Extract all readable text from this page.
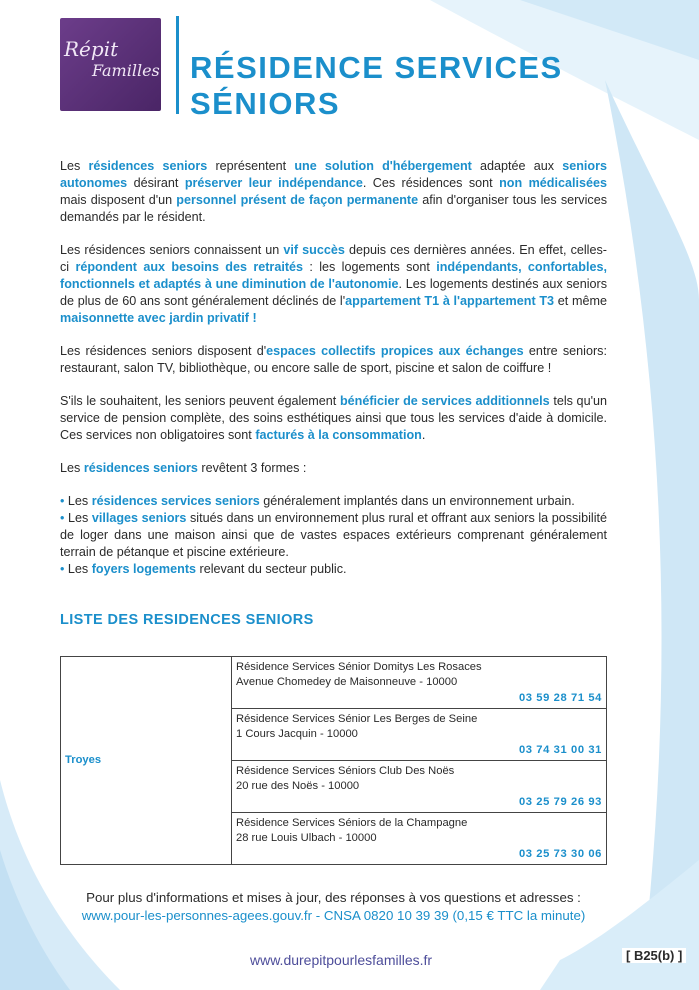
Répit
Familles RÉSIDENCE SERVICES SÉNIORS

Les résidences seniors représentent une solution d'hébergement adaptée aux seniors autonomes désirant préserver leur indépendance. Ces résidences sont non médicalisées mais disposent d'un personnel présent de façon permanente afin d'organiser tous les services demandés par le résident.

Les résidences seniors connaissent un vif succès depuis ces dernières années. En effet, celles-ci répondent aux besoins des retraités : les logements sont indépendants, confortables, fonctionnels et adaptés à une diminution de l'autonomie. Les logements destinés aux seniors de plus de 60 ans sont généralement déclinés de l'appartement T1 à l'appartement T3 et même maisonnette avec jardin privatif !

Les résidences seniors disposent d'espaces collectifs propices aux échanges entre seniors: restaurant, salon TV, bibliothèque, ou encore salle de sport, piscine et salon de coiffure !

S'ils le souhaitent, les seniors peuvent également bénéficier de services additionnels tels qu'un service de pension complète, des soins esthétiques ainsi que tous les services d'aide à domicile. Ces services non obligatoires sont facturés à la consommation.

Les résidences seniors revêtent 3 formes :

• Les résidences services seniors généralement implantés dans un environnement urbain.

• Les villages seniors situés dans un environnement plus rural et offrant aux seniors la possibilité de loger dans une maison ainsi que de vastes espaces extérieurs comprenant généralement terrain de pétanque et piscine extérieure.

• Les foyers logements relevant du secteur public.

LISTE DES RESIDENCES SENIORS
Troyes	
Résidence Services Sénior Domitys Les Rosaces
Avenue Chomedey de Maisonneuve - 10000
03 59 28 71 54

Résidence Services Sénior Les Berges de Seine
1 Cours Jacquin - 10000
03 74 31 00 31

Résidence Services Séniors Club Des Noës
20 rue des Noës - 10000
03 25 79 26 93

Résidence Services Séniors de la Champagne
28 rue Louis Ulbach - 10000
03 25 73 30 06
Pour plus d'informations et mises à jour, des réponses à vos questions et adresses :
www.pour-les-personnes-agees.gouv.fr - CNSA 0820 10 39 39 (0,15 € TTC la minute)
www.durepitpourlesfamilles.fr	[ B25(b) ]
